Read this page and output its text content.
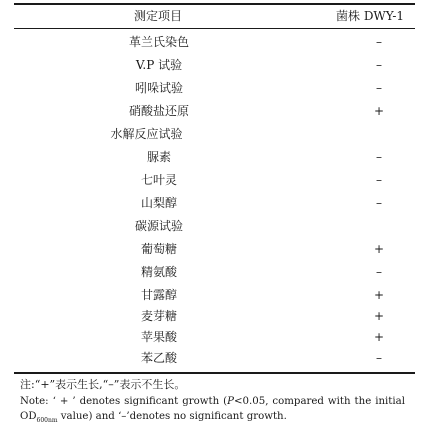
测定项目	菌株 DWY-1
革兰氏染色	–
V.P 试验	–
吲哚试验	–
硝酸盐还原	+
水解反应试验
脲素	–
七叶灵	–
山梨醇	–
碳源试验
葡萄糖	+
精氨酸	–
甘露醇	+
麦芽糖	+
苹果酸	+
苯乙酸	–
注:“+”表示生长,“–”表示不生长。
Note: ‘ + ’ denotes significant growth (P<0.05, compared with the initial $OD_{600nm}$ value) and ‘–’denotes no significant growth.
